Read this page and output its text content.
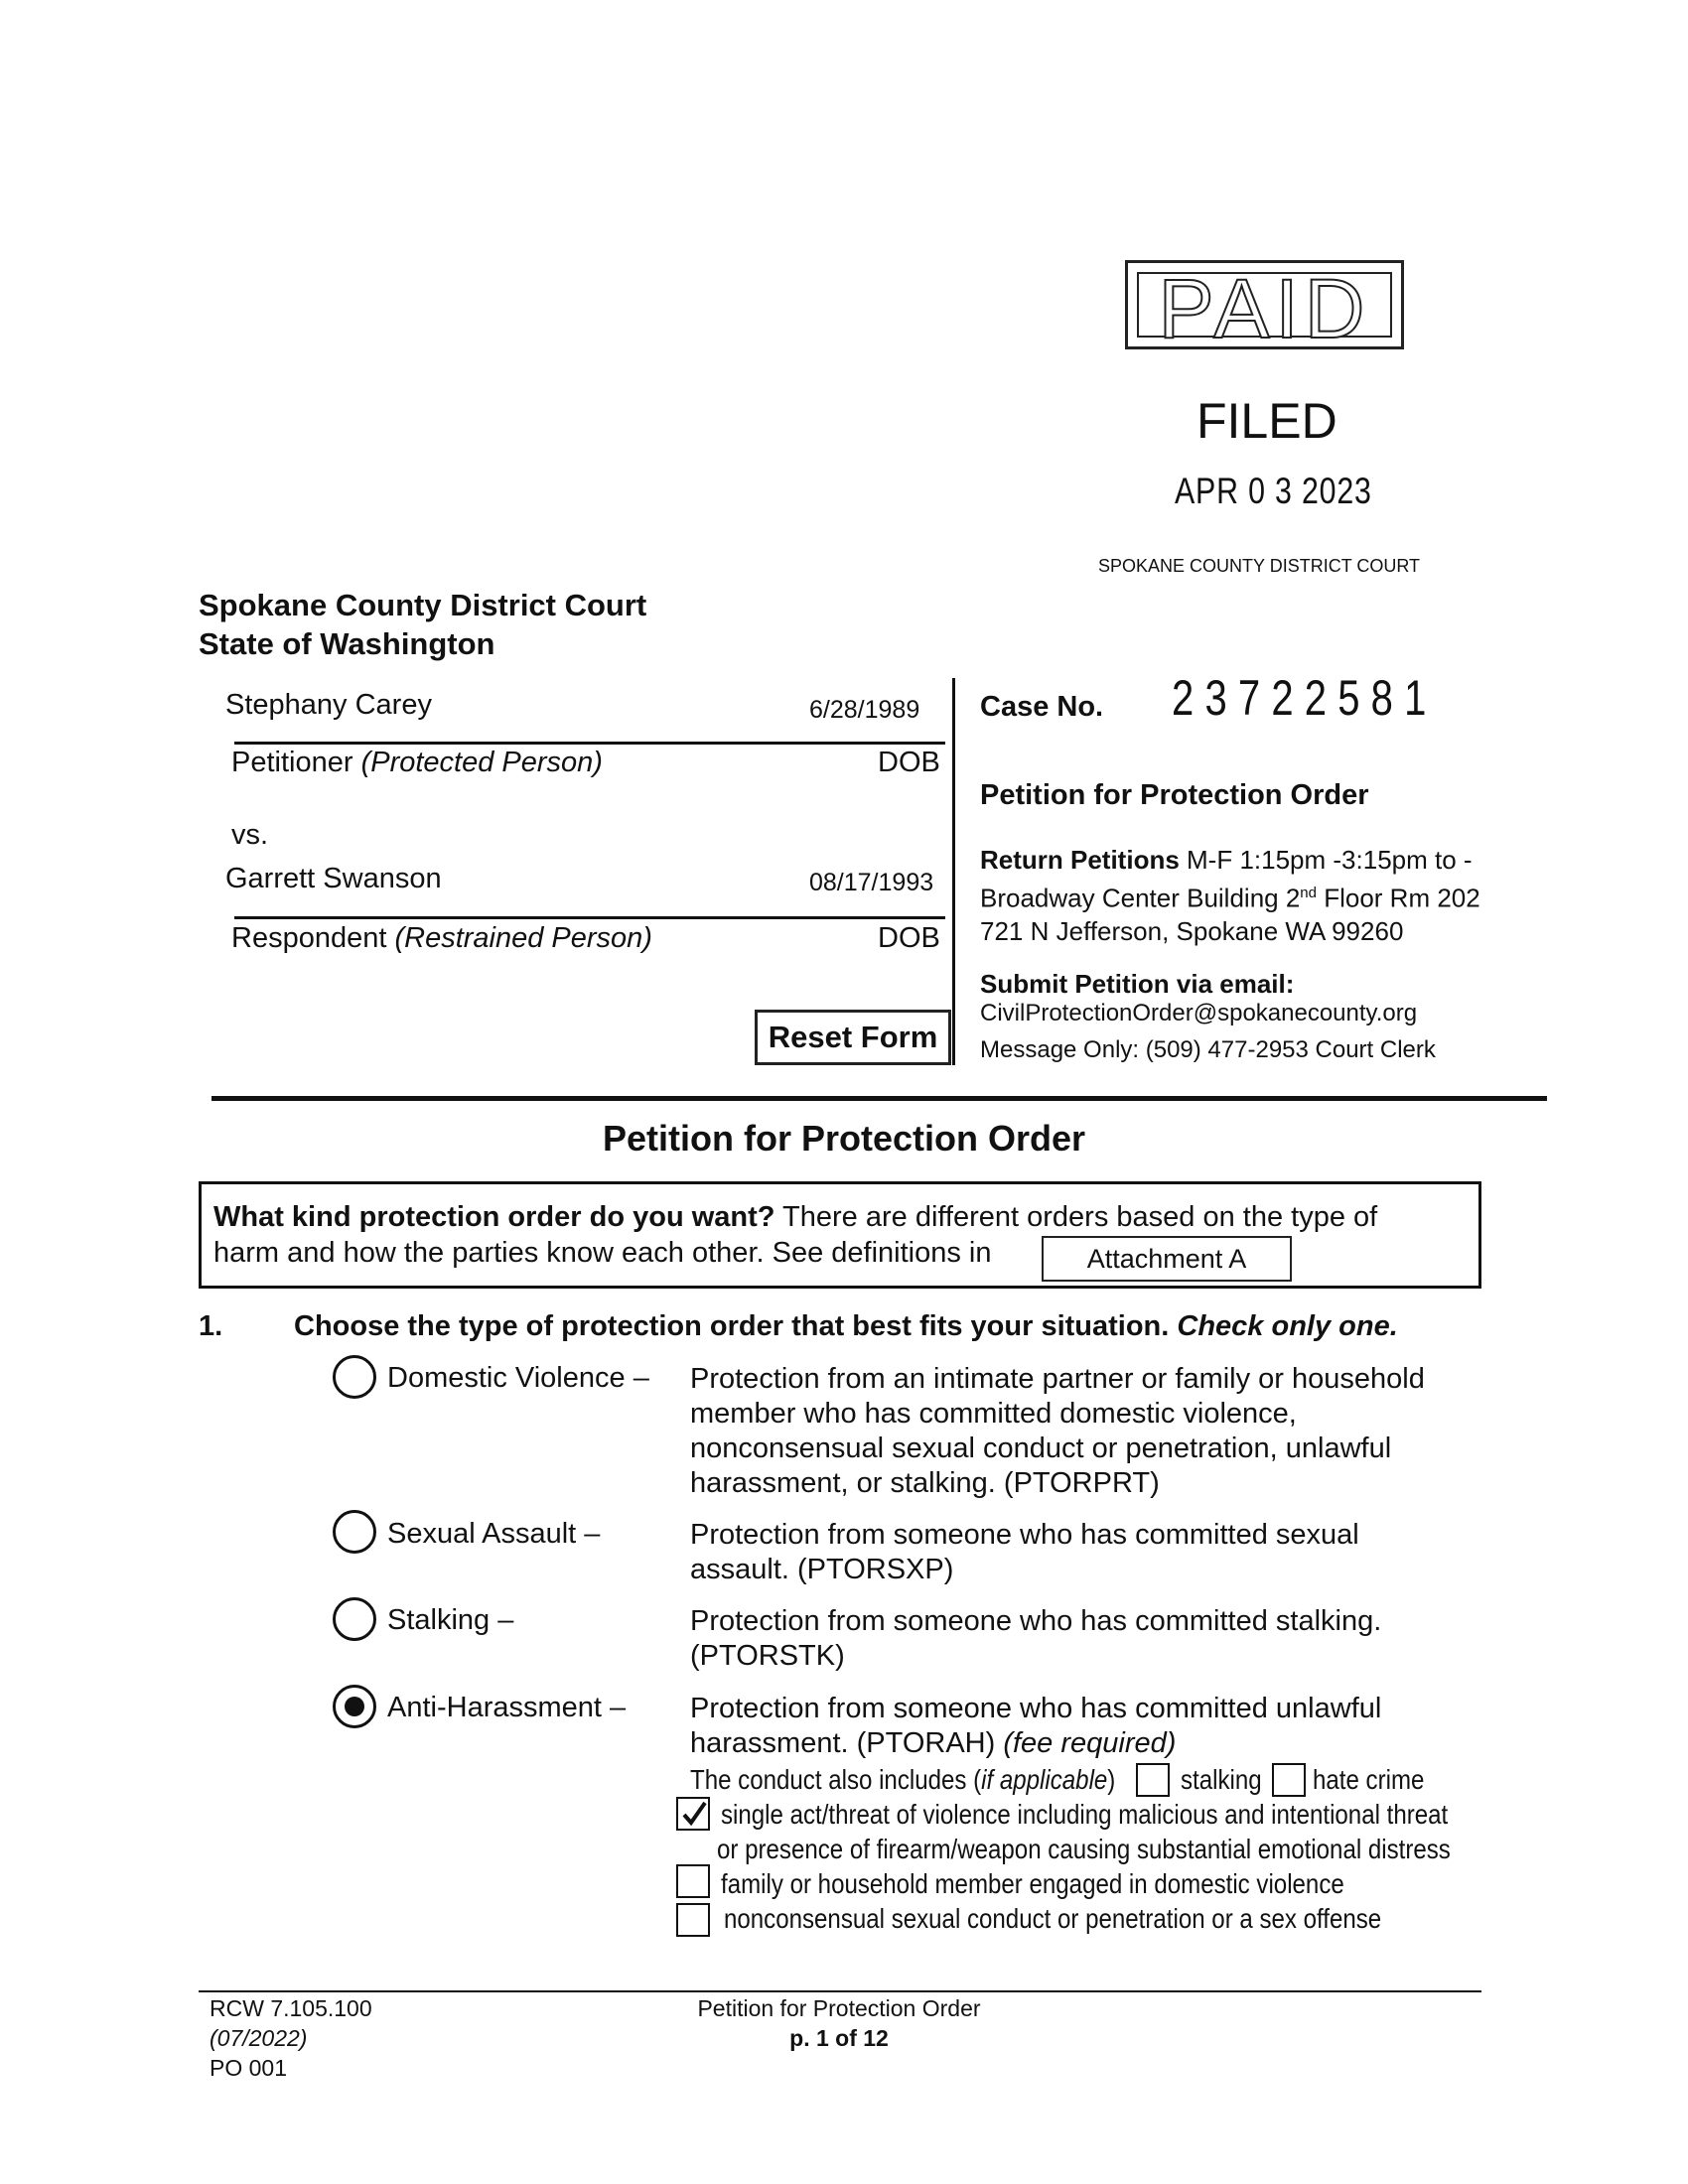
PAID
FILED
APR 0 3 2023
SPOKANE COUNTY DISTRICT COURT
Spokane County District Court
State of Washington
Stephany Carey	6/28/1989
Petitioner (Protected Person)	DOB
vs.
Garrett Swanson	08/17/1993
Respondent (Restrained Person)	DOB
Case No. 23722581
Petition for Protection Order
Return Petitions M-F 1:15pm -3:15pm to -
Broadway Center Building 2nd Floor Rm 202
721 N Jefferson, Spokane WA 99260
Submit Petition via email:
CivilProtectionOrder@spokanecounty.org
Message Only: (509) 477-2953 Court Clerk
Reset Form
Petition for Protection Order
What kind protection order do you want? There are different orders based on the type of
harm and how the parties know each other. See definitions in	Attachment A
1. Choose the type of protection order that best fits your situation. Check only one.
Domestic Violence – Protection from an intimate partner or family or household
member who has committed domestic violence,
nonconsensual sexual conduct or penetration, unlawful
harassment, or stalking. (PTORPRT)
Sexual Assault –	Protection from someone who has committed sexual
assault. (PTORSXP)
Stalking –	Protection from someone who has committed stalking.
(PTORSTK)
Anti-Harassment – Protection from someone who has committed unlawful
harassment. (PTORAH) (fee required)
The conduct also includes (if applicable) stalking hate crime
single act/threat of violence including malicious and intentional threat
or presence of firearm/weapon causing substantial emotional distress
family or household member engaged in domestic violence
nonconsensual sexual conduct or penetration or a sex offense
RCW 7.105.100
(07/2022)
PO 001
Petition for Protection Order
p. 1 of 12
